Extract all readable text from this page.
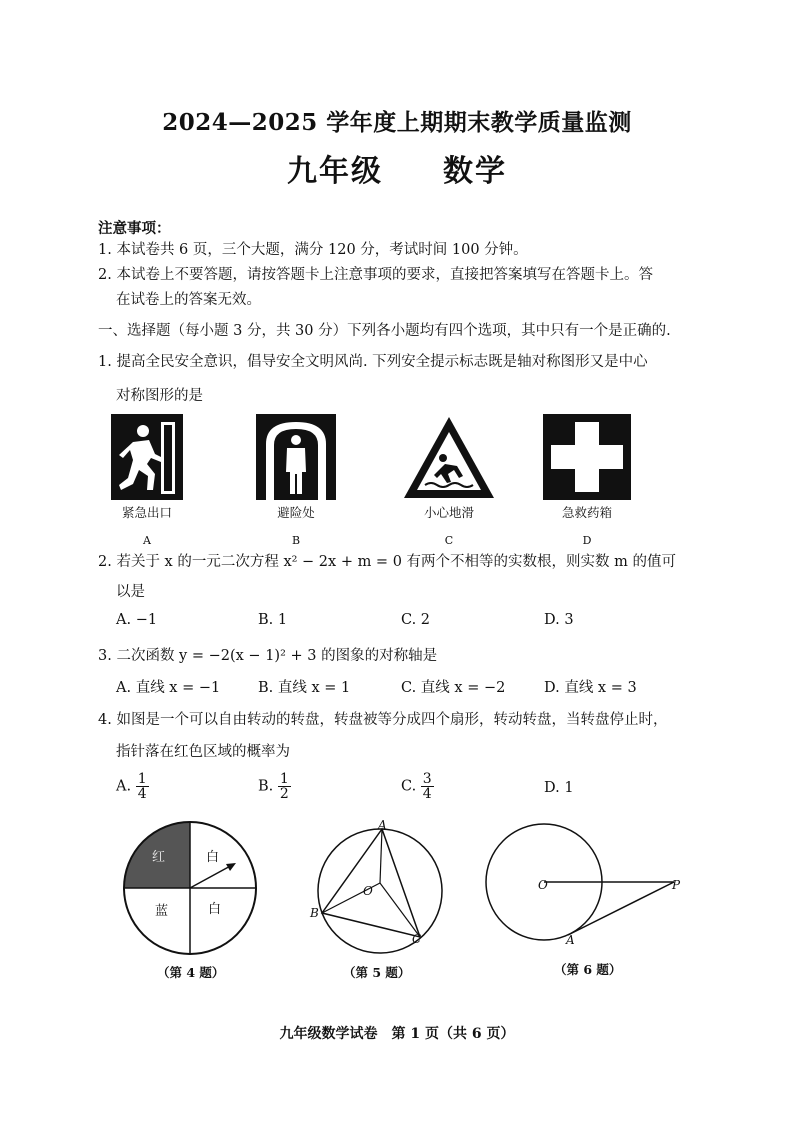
2024—2025 学年度上期期末教学质量监测
九年级 数学
注意事项：
1. 本试卷共 6 页，三个大题，满分 120 分，考试时间 100 分钟。
2. 本试卷上不要答题，请按答题卡上注意事项的要求，直接把答案填写在答题卡上。答
在试卷上的答案无效。
一、选择题（每小题 3 分，共 30 分）下列各小题均有四个选项，其中只有一个是正确的.
1. 提高全民安全意识，倡导安全文明风尚. 下列安全提示标志既是轴对称图形又是中心
对称图形的是
紧急出口	避险处	小心地滑	急救药箱
A	B	C	D
2. 若关于 x 的一元二次方程 x² − 2x + m = 0 有两个不相等的实数根，则实数 m 的值可
以是
A. −1	B. 1	C. 2	D. 3
3. 二次函数 y = −2(x − 1)² + 3 的图象的对称轴是
A. 直线 x = −1	B. 直线 x = 1	C. 直线 x = −2	D. 直线 x = 3
4. 如图是一个可以自由转动的转盘，转盘被等分成四个扇形，转动转盘，当转盘停止时，
指针落在红色区域的概率为
A. $\frac{1}{4}$	B. $\frac{1}{2}$	C. $\frac{3}{4}$	D. 1
红	白
蓝	白
（第 4 题）
A
O
B
C
（第 5 题）
O	P
A
（第 6 题）
九年级数学试卷　第 1 页（共 6 页）
